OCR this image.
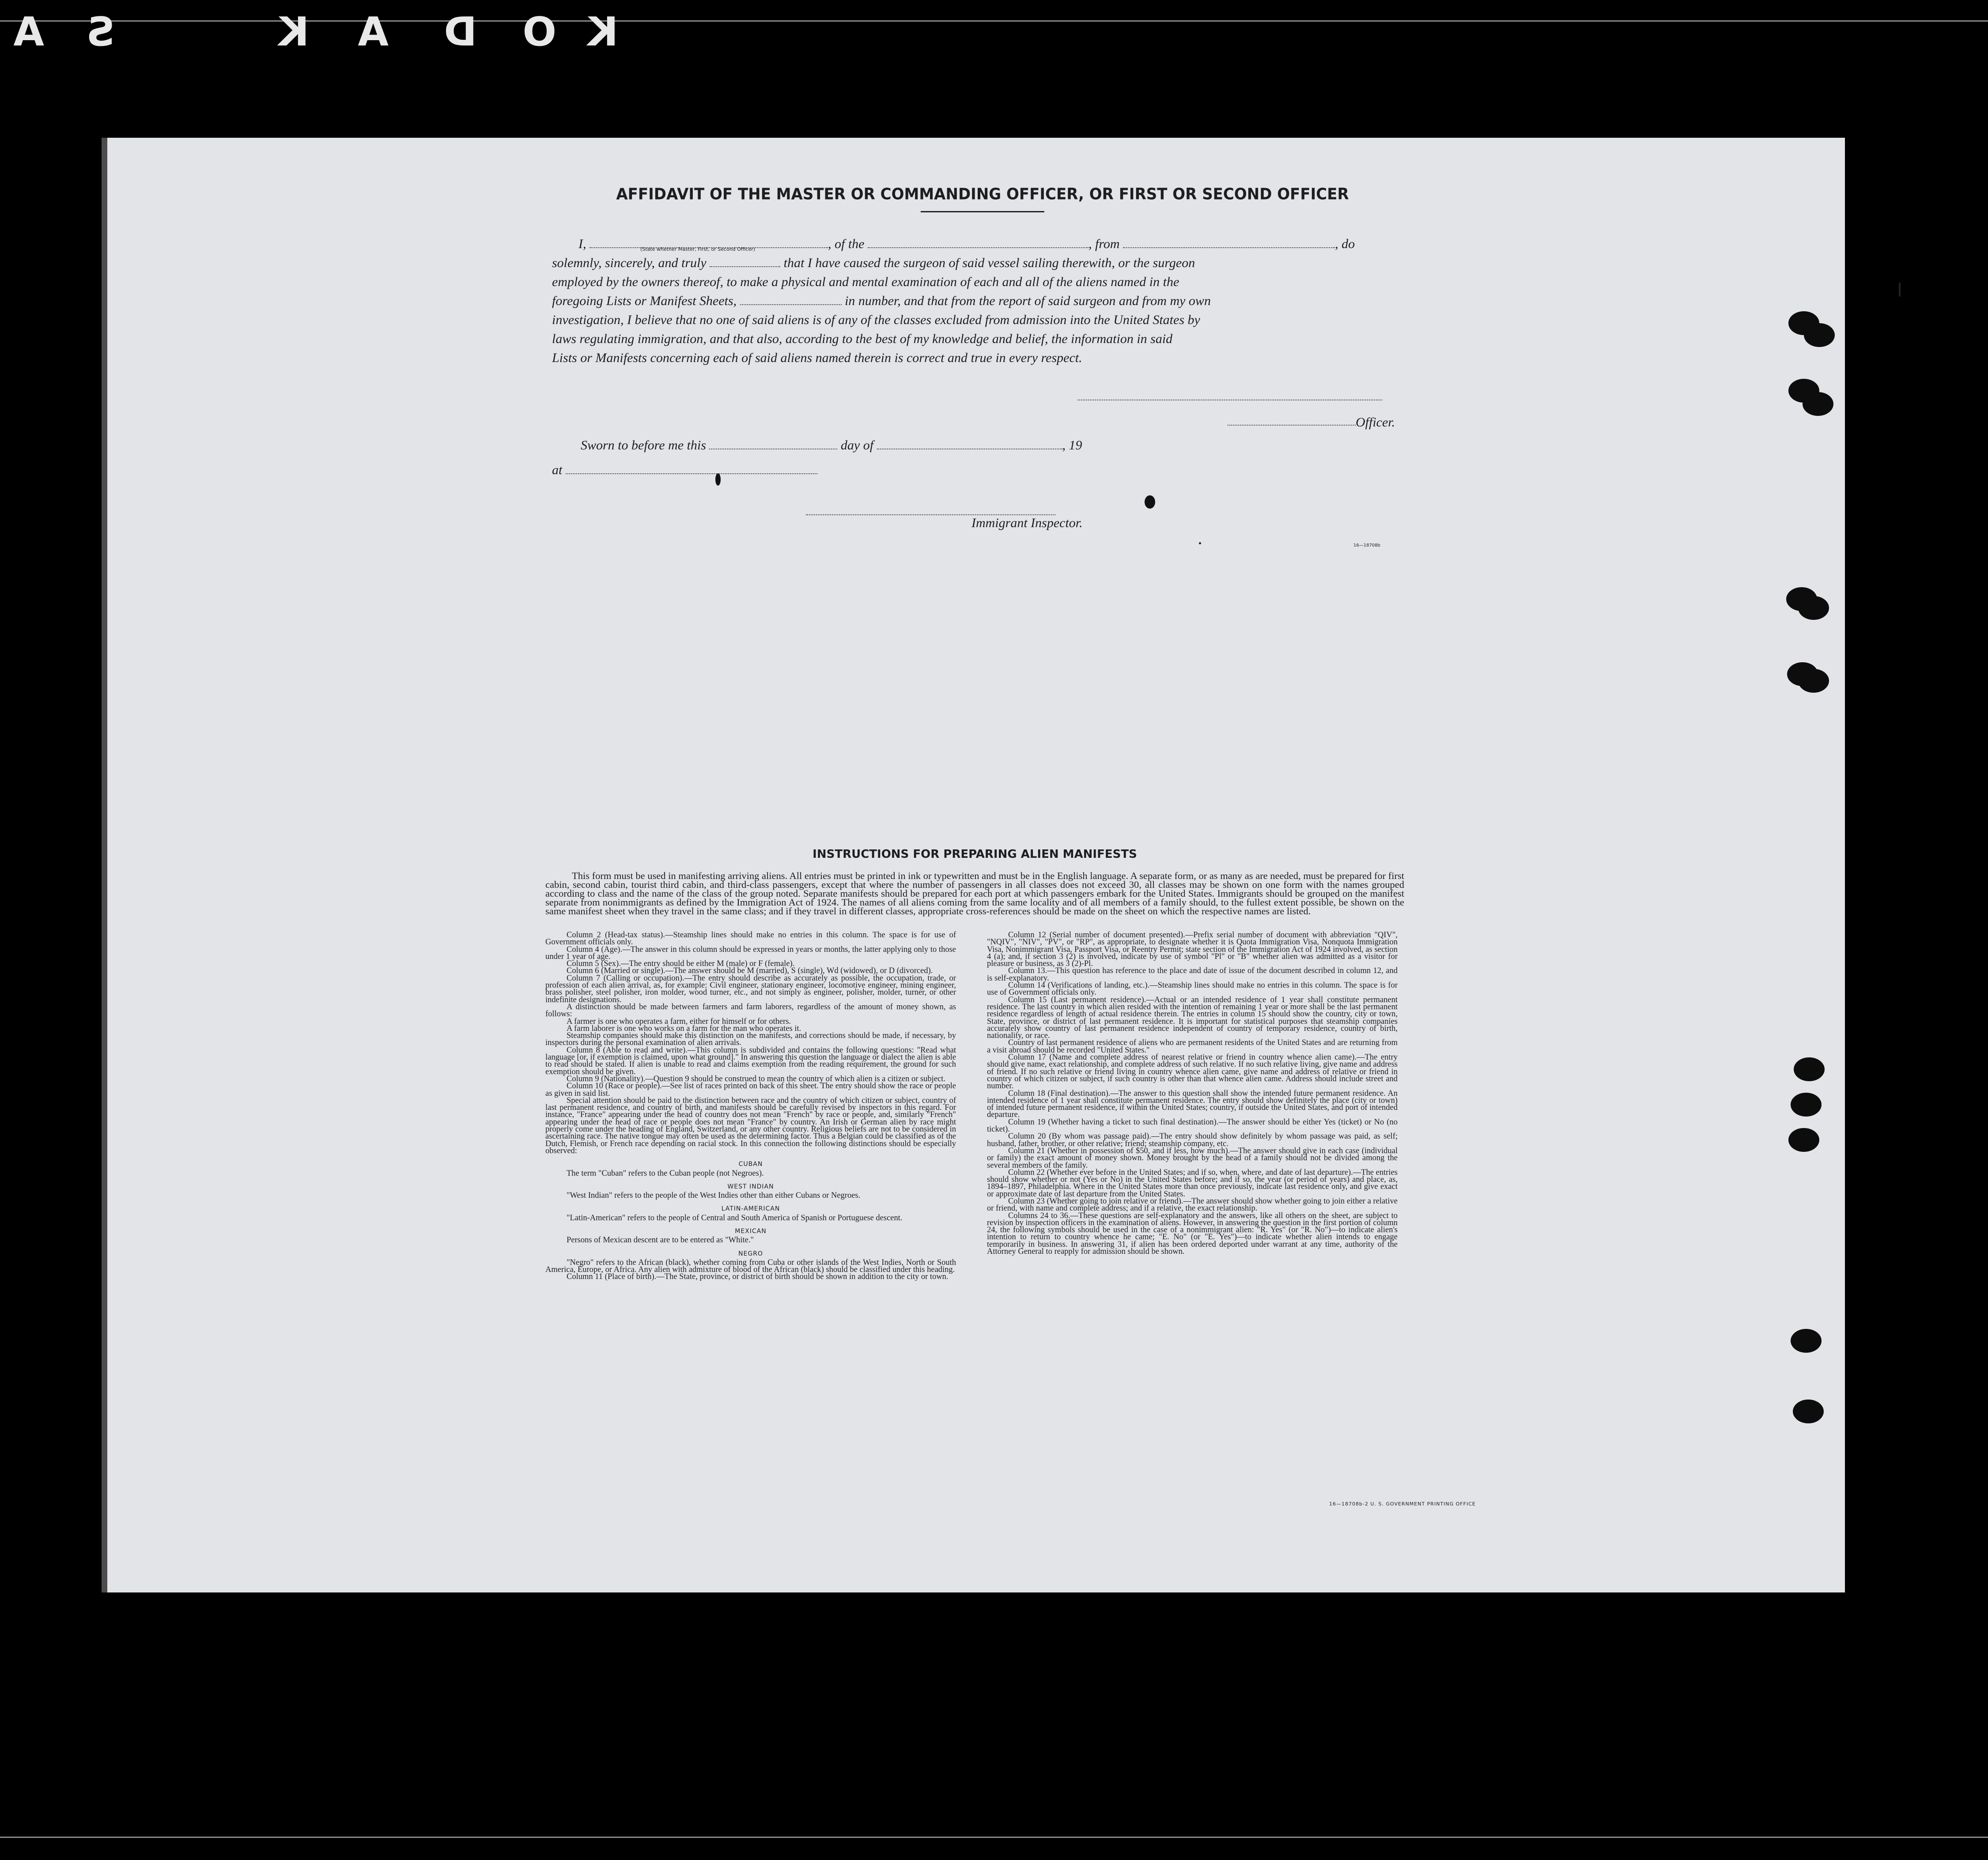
K
O
D
A
K
S
A
AFFIDAVIT OF THE MASTER OR COMMANDING OFFICER, OR FIRST OR SECOND OFFICER
I,	, of the	, from	, do
solemnly, sincerely, and truly	that I have caused the surgeon of said vessel sailing therewith, or the surgeon
employed by the owners thereof, to make a physical and mental examination of each and all of the aliens named in the
foregoing Lists or Manifest Sheets,	in number, and that from the report of said surgeon and from my own
investigation, I believe that no one of said aliens is of any of the classes excluded from admission into the United States by
laws regulating immigration, and that also, according to the best of my knowledge and belief, the information in said
Lists or Manifests concerning each of said aliens named therein is correct and true in every respect.
(State whether Master, First, or Second Officer)
Officer.
Sworn to before me this	day of	, 19
at
Immigrant Inspector.
16—18708b
INSTRUCTIONS FOR PREPARING ALIEN MANIFESTS

This form must be used in manifesting arriving aliens. All entries must be printed in ink or typewritten and must be in the English language. A separate form, or as many as are needed, must be prepared for first cabin, second cabin, tourist third cabin, and third-class passengers, except that where the number of passengers in all classes does not exceed 30, all classes may be shown on one form with the names grouped according to class and the name of the class of the group noted. Separate manifests should be prepared for each port at which passengers embark for the United States. Immigrants should be grouped on the manifest separate from nonimmigrants as defined by the Immigration Act of 1924. The names of all aliens coming from the same locality and of all members of a family should, to the fullest extent possible, be shown on the same manifest sheet when they travel in the same class; and if they travel in different classes, appropriate cross-references should be made on the sheet on which the respective names are listed.

Column 2 (Head-tax status).—Steamship lines should make no entries in this column. The space is for use of Government officials only.

Column 4 (Age).—The answer in this column should be expressed in years or months, the latter applying only to those under 1 year of age.

Column 5 (Sex).—The entry should be either M (male) or F (female).

Column 6 (Married or single).—The answer should be M (married), S (single), Wd (widowed), or D (divorced).

Column 7 (Calling or occupation).—The entry should describe as accurately as possible, the occupation, trade, or profession of each alien arrival, as, for example: Civil engineer, stationary engineer, locomotive engineer, mining engineer, brass polisher, steel polisher, iron molder, wood turner, etc., and not simply as engineer, polisher, molder, turner, or other indefinite designations.

A distinction should be made between farmers and farm laborers, regardless of the amount of money shown, as follows:

A farmer is one who operates a farm, either for himself or for others.

A farm laborer is one who works on a farm for the man who operates it.

Steamship companies should make this distinction on the manifests, and corrections should be made, if necessary, by inspectors during the personal examination of alien arrivals.

Column 8 (Able to read and write).—This column is subdivided and contains the following questions: "Read what language [or, if exemption is claimed, upon what ground]." In answering this question the language or dialect the alien is able to read should be stated. If alien is unable to read and claims exemption from the reading requirement, the ground for such exemption should be given.

Column 9 (Nationality).—Question 9 should be construed to mean the country of which alien is a citizen or subject.

Column 10 (Race or people).—See list of races printed on back of this sheet. The entry should show the race or people as given in said list.

Special attention should be paid to the distinction between race and the country of which citizen or subject, country of last permanent residence, and country of birth, and manifests should be carefully revised by inspectors in this regard. For instance, "France" appearing under the head of country does not mean "French" by race or people, and, similarly "French" appearing under the head of race or people does not mean "France" by country. An Irish or German alien by race might properly come under the heading of England, Switzerland, or any other country. Religious beliefs are not to be considered in ascertaining race. The native tongue may often be used as the determining factor. Thus a Belgian could be classified as of the Dutch, Flemish, or French race depending on racial stock. In this connection the following distinctions should be especially observed:

CUBAN

The term "Cuban" refers to the Cuban people (not Negroes).

WEST INDIAN

"West Indian" refers to the people of the West Indies other than either Cubans or Negroes.

LATIN-AMERICAN

"Latin-American" refers to the people of Central and South America of Spanish or Portuguese descent.

MEXICAN

Persons of Mexican descent are to be entered as "White."

NEGRO

"Negro" refers to the African (black), whether coming from Cuba or other islands of the West Indies, North or South America, Europe, or Africa. Any alien with admixture of blood of the African (black) should be classified under this heading.

Column 11 (Place of birth).—The State, province, or district of birth should be shown in addition to the city or town.

Column 12 (Serial number of document presented).—Prefix serial number of document with abbreviation "QIV", "NQIV", "NIV", "PV", or "RP", as appropriate, to designate whether it is Quota Immigration Visa, Nonquota Immigration Visa, Nonimmigrant Visa, Passport Visa, or Reentry Permit; state section of the Immigration Act of 1924 involved, as section 4 (a); and, if section 3 (2) is involved, indicate by use of symbol "Pl" or "B" whether alien was admitted as a visitor for pleasure or business, as 3 (2)-Pl.

Column 13.—This question has reference to the place and date of issue of the document described in column 12, and is self-explanatory.

Column 14 (Verifications of landing, etc.).—Steamship lines should make no entries in this column. The space is for use of Government officials only.

Column 15 (Last permanent residence).—Actual or an intended residence of 1 year shall constitute permanent residence. The last country in which alien resided with the intention of remaining 1 year or more shall be the last permanent residence regardless of length of actual residence therein. The entries in column 15 should show the country, city or town, State, province, or district of last permanent residence. It is important for statistical purposes that steamship companies accurately show country of last permanent residence independent of country of temporary residence, country of birth, nationality, or race.

Country of last permanent residence of aliens who are permanent residents of the United States and are returning from a visit abroad should be recorded "United States."

Column 17 (Name and complete address of nearest relative or friend in country whence alien came).—The entry should give name, exact relationship, and complete address of such relative. If no such relative living, give name and address of friend. If no such relative or friend living in country whence alien came, give name and address of relative or friend in country of which citizen or subject, if such country is other than that whence alien came. Address should include street and number.

Column 18 (Final destination).—The answer to this question shall show the intended future permanent residence. An intended residence of 1 year shall constitute permanent residence. The entry should show definitely the place (city or town) of intended future permanent residence, if within the United States; country, if outside the United States, and port of intended departure.

Column 19 (Whether having a ticket to such final destination).—The answer should be either Yes (ticket) or No (no ticket).

Column 20 (By whom was passage paid).—The entry should show definitely by whom passage was paid, as self; husband, father, brother, or other relative; friend; steamship company, etc.

Column 21 (Whether in possession of $50, and if less, how much).—The answer should give in each case (individual or family) the exact amount of money shown. Money brought by the head of a family should not be divided among the several members of the family.

Column 22 (Whether ever before in the United States; and if so, when, where, and date of last departure).—The entries should show whether or not (Yes or No) in the United States before; and if so, the year (or period of years) and place, as, 1894–1897, Philadelphia. Where in the United States more than once previously, indicate last residence only, and give exact or approximate date of last departure from the United States.

Column 23 (Whether going to join relative or friend).—The answer should show whether going to join either a relative or friend, with name and complete address; and if a relative, the exact relationship.

Columns 24 to 36.—These questions are self-explanatory and the answers, like all others on the sheet, are subject to revision by inspection officers in the examination of aliens. However, in answering the question in the first portion of column 24, the following symbols should be used in the case of a nonimmigrant alien: "R. Yes" (or "R. No")—to indicate alien's intention to return to country whence he came; "E. No" (or "E. Yes")—to indicate whether alien intends to engage temporarily in business. In answering 31, if alien has been ordered deported under warrant at any time, authority of the Attorney General to reapply for admission should be shown.

16—18708b-2 U. S. GOVERNMENT PRINTING OFFICE
